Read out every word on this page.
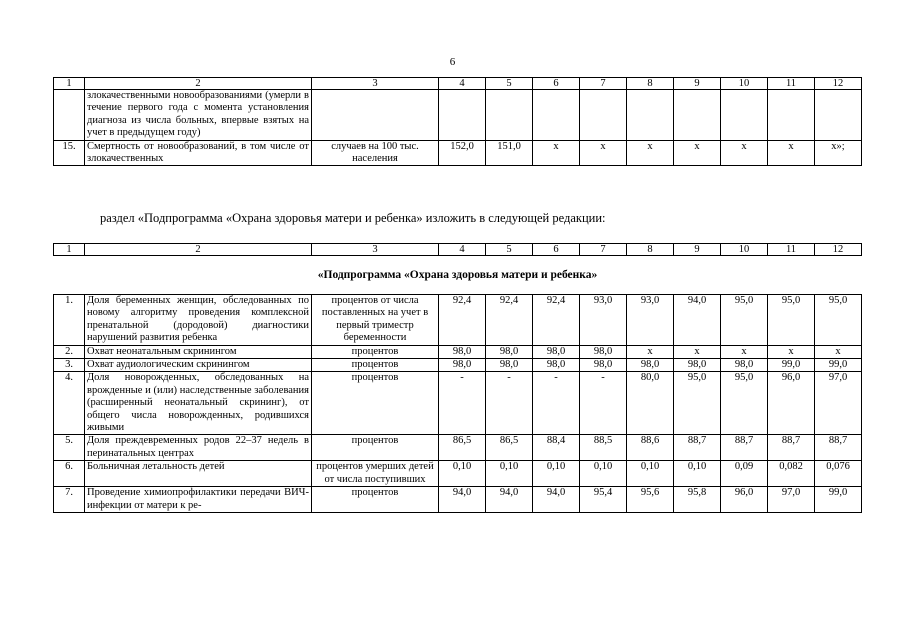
6
1	2	3	4	5	6	7	8	9	10	11	12
	злокачественными новообразованиями (умерли в течение первого года с момента установления диагноза из числа больных, впервые взятых на учет в предыдущем году)										
15.	Смертность от новообразований, в том числе от злокачественных	случаев на 100 тыс. населения	152,0	151,0	х	х	х	х	х	х	х»;
раздел «Подпрограмма «Охрана здоровья матери и ребенка» изложить в следующей редакции:
1	2	3	4	5	6	7	8	9	10	11	12
«Подпрограмма «Охрана здоровья матери и ребенка»											
1.	Доля беременных женщин, обследованных по новому алгоритму проведения комплексной пренатальной (дородовой) диагностики нарушений развития ребенка	процентов от числа поставленных на учет в первый триместр беременности	92,4	92,4	92,4	93,0	93,0	94,0	95,0	95,0	95,0
2.	Охват неонатальным скринингом	процентов	98,0	98,0	98,0	98,0	х	х	х	х	х
3.	Охват аудиологическим скринингом	процентов	98,0	98,0	98,0	98,0	98,0	98,0	98,0	99,0	99,0
4.	Доля новорожденных, обследованных на врожденные и (или) наследственные заболевания (расширенный неонатальный скрининг), от общего числа новорожденных, родившихся живыми	процентов	-	-	-	-	80,0	95,0	95,0	96,0	97,0
5.	Доля преждевременных родов 22–37 недель в перинатальных центрах	процентов	86,5	86,5	88,4	88,5	88,6	88,7	88,7	88,7	88,7
6.	Больничная летальность детей	процентов умерших детей от числа поступивших	0,10	0,10	0,10	0,10	0,10	0,10	0,09	0,082	0,076
7.	Проведение химиопрофилактики передачи ВИЧ-инфекции от матери к ре-	процентов	94,0	94,0	94,0	95,4	95,6	95,8	96,0	97,0	99,0
